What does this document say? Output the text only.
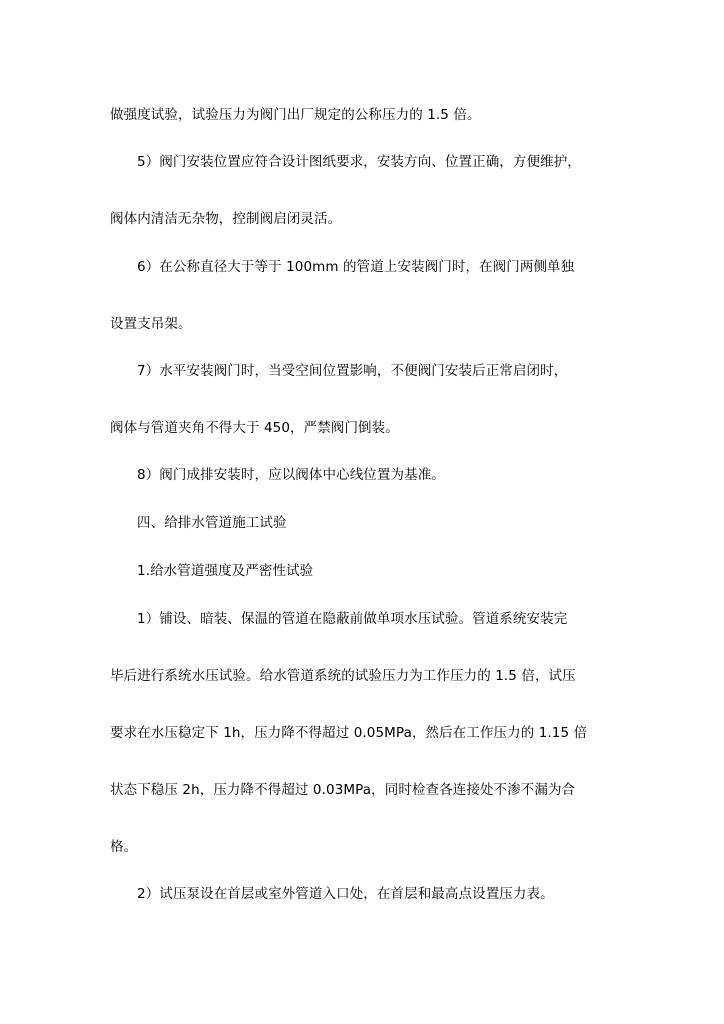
做强度试验，试验压力为阀门出厂规定的公称压力的 1.5 倍。
5）阀门安装位置应符合设计图纸要求，安装方向、位置正确，方便维护，
阀体内清洁无杂物，控制阀启闭灵活。
6）在公称直径大于等于 100mm 的管道上安装阀门时，在阀门两侧单独
设置支吊架。
7）水平安装阀门时，当受空间位置影响，不便阀门安装后正常启闭时，
阀体与管道夹角不得大于 450，严禁阀门倒装。
8）阀门成排安装时，应以阀体中心线位置为基准。
四、给排水管道施工试验
1.给水管道强度及严密性试验
1）铺设、暗装、保温的管道在隐蔽前做单项水压试验。管道系统安装完
毕后进行系统水压试验。给水管道系统的试验压力为工作压力的 1.5 倍，试压
要求在水压稳定下 1h，压力降不得超过 0.05MPa，然后在工作压力的 1.15 倍
状态下稳压 2h，压力降不得超过 0.03MPa，同时检查各连接处不渗不漏为合
格。
2）试压泵设在首层或室外管道入口处，在首层和最高点设置压力表。
